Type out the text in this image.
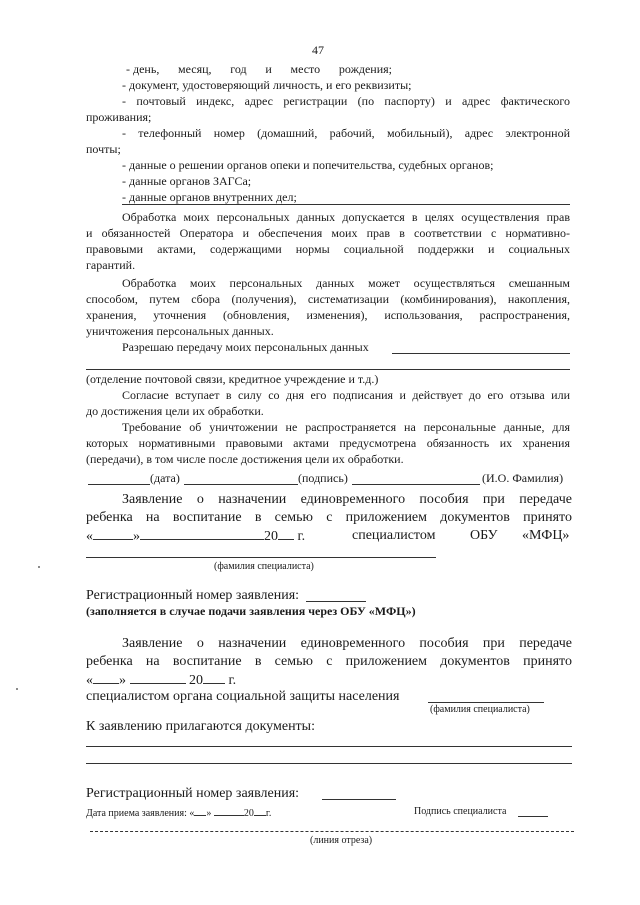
47
- день, месяц, год и место рождения;
- документ, удостоверяющий личность, и его реквизиты;
- почтовый индекс, адрес регистрации (по паспорту) и адрес фактического
проживания;
- телефонный номер (домашний, рабочий, мобильный), адрес электронной
почты;
- данные о решении органов опеки и попечительства, судебных органов;
- данные органов ЗАГСа;
- данные органов внутренних дел;
Обработка моих персональных данных допускается в целях осуществления прав
и обязанностей Оператора и обеспечения моих прав в соответствии с нормативно-
правовыми актами, содержащими нормы социальной поддержки и социальных
гарантий.
Обработка моих персональных данных может осуществляться смешанным
способом, путем сбора (получения), систематизации (комбинирования), накопления,
хранения, уточнения (обновления, изменения), использования, распространения,
уничтожения персональных данных.
Разрешаю передачу моих персональных данных
(отделение почтовой связи, кредитное учреждение и т.д.)
Согласие вступает в силу со дня его подписания и действует до его отзыва или
до достижения цели их обработки.
Требование об уничтожении не распространяется на персональные данные, для
которых нормативными правовыми актами предусмотрена обязанность их хранения
(передачи), в том числе после достижения цели их обработки.
(дата)	(подпись)	(И.О. Фамилия)
Заявление о назначении единовременного пособия при передаче
ребенка на воспитание в семью с приложением документов принято
«	»	20 г.	специалистом ОБУ «МФЦ»
(фамилия специалиста)
Регистрационный номер заявления:
(заполняется в случае подачи заявления через ОБУ «МФЦ»)
Заявление о назначении единовременного пособия при передаче
ребенка на воспитание в семью с приложением документов принято
« »	20 г.
специалистом органа социальной защиты населения
(фамилия специалиста)
К заявлению прилагаются документы:
Регистрационный номер заявления:
Дата приема заявления: « »	20 г.	Подпись специалиста
(линия отреза)
